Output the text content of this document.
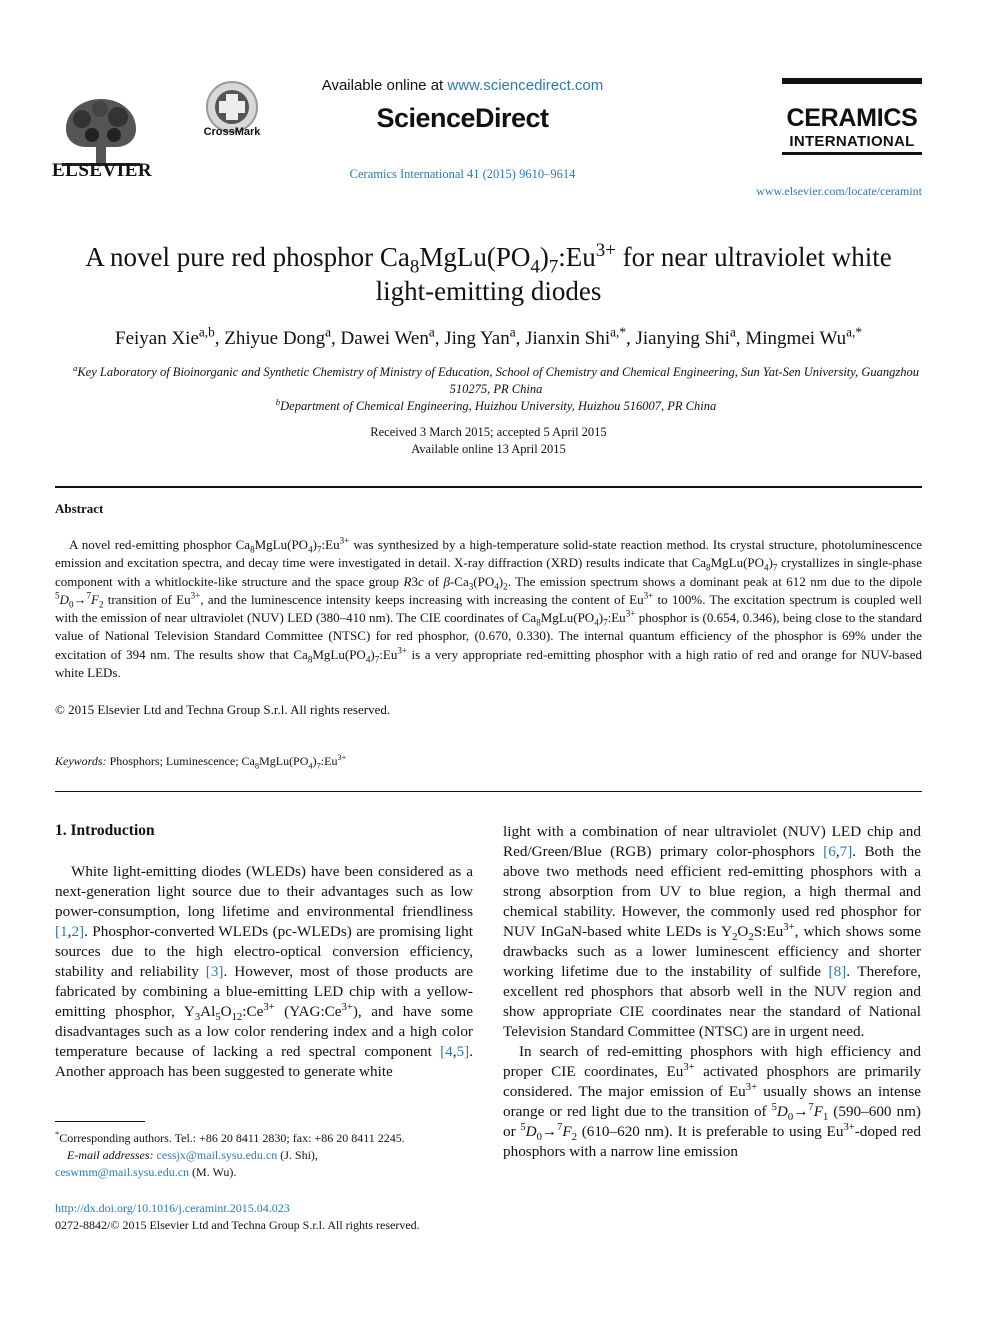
ELSEVIER
CrossMark
Available online at www.sciencedirect.com
ScienceDirect
Ceramics International 41 (2015) 9610–9614
CERAMICS
INTERNATIONAL
www.elsevier.com/locate/ceramint
A novel pure red phosphor $Ca_8MgLu(PO_4)_7:Eu^{3+}$ for near ultraviolet white light-emitting diodes
Feiyan Xie$^{a,b}$, Zhiyue Dong$^a$, Dawei Wen$^a$, Jing Yan$^a$, Jianxin Shi$^{a,*}$, Jianying Shi$^a$, Mingmei $Wu^{a,*}$
$^a$Key Laboratory of Bioinorganic and Synthetic Chemistry of Ministry of Education, School of Chemistry and Chemical Engineering, Sun Yat-Sen University, Guangzhou 510275, PR China
$^b$Department of Chemical Engineering, Huizhou University, Huizhou 516007, PR China
Received 3 March 2015; accepted 5 April 2015
Available online 13 April 2015
Abstract

A novel red-emitting phosphor $Ca_8MgLu(PO_4)_7:Eu^{3+}$ was synthesized by a high-temperature solid-state reaction method. Its crystal structure, photoluminescence emission and excitation spectra, and decay time were investigated in detail. X-ray diffraction (XRD) results indicate that $Ca_8MgLu(PO_4)_7$ crystallizes in single-phase component with a whitlockite-like structure and the space group R3c of $\beta-Ca_3(PO_4)_2$. The emission spectrum shows a dominant peak at 612 nm due to the dipole $^5D_0\to^7F_2$ transition of $Eu^{3+}$, and the luminescence intensity keeps increasing with increasing the content of $Eu^{3+}$ to 100%. The excitation spectrum is coupled well with the emission of near ultraviolet (NUV) LED (380–410 nm). The CIE coordinates of $Ca_8MgLu(PO_4)_7:Eu^{3+}$ phosphor is (0.654, 0.346), being close to the standard value of National Television Standard Committee (NTSC) for red phosphor, (0.670, 0.330). The internal quantum efficiency of the phosphor is 69% under the excitation of 394 nm. The results show that $Ca_8MgLu(PO_4)_7:Eu^{3+}$ is a very appropriate red-emitting phosphor with a high ratio of red and orange for NUV-based white LEDs.

© 2015 Elsevier Ltd and Techna Group S.r.l. All rights reserved.
Keywords: Phosphors; Luminescence; $Ca_8MgLu(PO_4)_7:Eu^{3+}$
1. Introduction

White light-emitting diodes (WLEDs) have been considered as a next-generation light source due to their advantages such as low power-consumption, long lifetime and environmental friendliness [1,2]. Phosphor-converted WLEDs (pc-WLEDs) are promising light sources due to the high electro-optical conversion efficiency, stability and reliability [3]. However, most of those products are fabricated by combining a blue-emitting LED chip with a yellow-emitting phosphor, $Y_3Al_5O_{12}:Ce^{3+}$ $(YAG:Ce^{3+})$, and have some disadvantages such as a low color rendering index and a high color temperature because of lacking a red spectral component [4,5]. Another approach has been suggested to generate white

light with a combination of near ultraviolet (NUV) LED chip and Red/Green/Blue (RGB) primary color-phosphors [6,7]. Both the above two methods need efficient red-emitting phosphors with a strong absorption from UV to blue region, a high thermal and chemical stability. However, the commonly used red phosphor for NUV InGaN-based white LEDs is $Y_2O_2S:Eu^{3+}$, which shows some drawbacks such as a lower luminescent efficiency and shorter working lifetime due to the instability of sulfide [8]. Therefore, excellent red phosphors that absorb well in the NUV region and show appropriate CIE coordinates near the standard of National Television Standard Committee (NTSC) are in urgent need.

In search of red-emitting phosphors with high efficiency and proper CIE coordinates, $Eu^{3+}$ activated phosphors are primarily considered. The major emission of $Eu^{3+}$ usually shows an intense orange or red light due to the transition of $^5D_0\to^7F_1$ (590–600 nm) or $^5D_0\to^7F_2$ (610–620 nm). It is preferable to using $Eu^{3+}$-doped red phosphors with a narrow line emission

*Corresponding authors. Tel.: +86 20 8411 2830; fax: +86 20 8411 2245.
E-mail addresses: cessjx@mail.sysu.edu.cn (J. Shi),
ceswmm@mail.sysu.edu.cn (M. Wu).
http://dx.doi.org/10.1016/j.ceramint.2015.04.023
0272-8842/© 2015 Elsevier Ltd and Techna Group S.r.l. All rights reserved.
